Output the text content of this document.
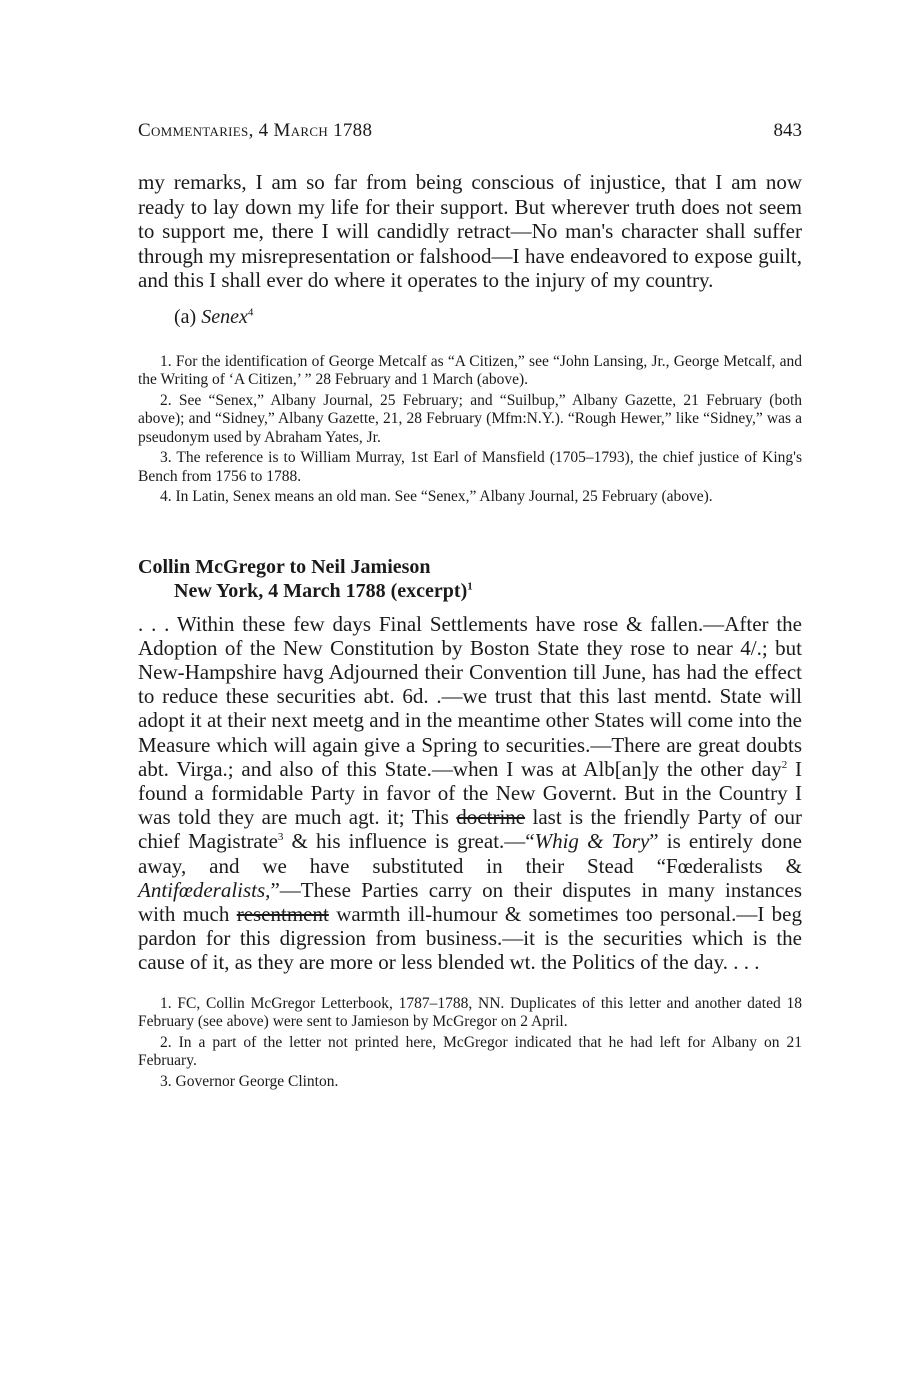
Commentaries, 4 March 1788	843
my remarks, I am so far from being conscious of injustice, that I am now ready to lay down my life for their support. But wherever truth does not seem to support me, there I will candidly retract—No man's character shall suffer through my misrepresentation or falshood—I have endeavored to expose guilt, and this I shall ever do where it operates to the injury of my country.
(a) Senex$^4$

1. For the identification of George Metcalf as “A Citizen,” see “John Lansing, Jr., George Metcalf, and the Writing of ‘A Citizen,’ ” 28 February and 1 March (above).

2. See “Senex,” Albany Journal, 25 February; and “Suilbup,” Albany Gazette, 21 February (both above); and “Sidney,” Albany Gazette, 21, 28 February (Mfm:N.Y.). “Rough Hewer,” like “Sidney,” was a pseudonym used by Abraham Yates, Jr.

3. The reference is to William Murray, 1st Earl of Mansfield (1705–1793), the chief justice of King's Bench from 1756 to 1788.

4. In Latin, Senex means an old man. See “Senex,” Albany Journal, 25 February (above).

Collin McGregor to Neil Jamieson
New York, 4 March 1788 (excerpt)$^1$
. . . Within these few days Final Settlements have rose & fallen.—After the Adoption of the New Constitution by Boston State they rose to near 4/.; but New-Hampshire havg Adjourned their Convention till June, has had the effect to reduce these securities abt. 6d. .—we trust that this last mentd. State will adopt it at their next meetg and in the meantime other States will come into the Measure which will again give a Spring to securities.—There are great doubts abt. Virga.; and also of this State.—when I was at Alb[an]y the other day$^2$ I found a formidable Party in favor of the New Governt. But in the Country I was told they are much agt. it; This doctrine last is the friendly Party of our chief Magistrate$^3$ & his influence is great.—“Whig & Tory” is entirely done away, and we have substituted in their Stead “Fœderalists & Antifœderalists,”—These Parties carry on their disputes in many instances with much resentment warmth ill-humour & sometimes too personal.—I beg pardon for this digression from business.—it is the securities which is the cause of it, as they are more or less blended wt. the Politics of the day. . . .

1. FC, Collin McGregor Letterbook, 1787–1788, NN. Duplicates of this letter and another dated 18 February (see above) were sent to Jamieson by McGregor on 2 April.

2. In a part of the letter not printed here, McGregor indicated that he had left for Albany on 21 February.

3. Governor George Clinton.
